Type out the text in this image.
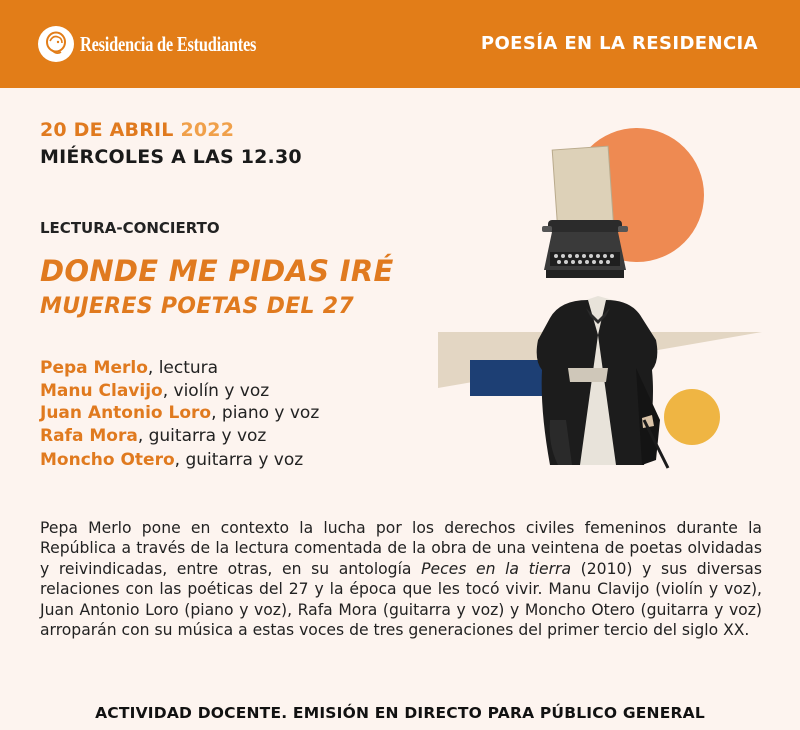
Residencia de Estudiantes	POESÍA EN LA RESIDENCIA
20 DE ABRIL 2022
MIÉRCOLES A LAS 12.30
LECTURA-CONCIERTO
DONDE ME PIDAS IRÉ
MUJERES POETAS DEL 27
Pepa Merlo, lectura
Manu Clavijo, violín y voz
Juan Antonio Loro, piano y voz
Rafa Mora, guitarra y voz
Moncho Otero, guitarra y voz
Pepa Merlo pone en contexto la lucha por los derechos civiles femeninos durante la República a través de la lectura comentada de la obra de una veintena de poetas olvidadas y reivindicadas, entre otras, en su antología Peces en la tierra (2010) y sus diversas relaciones con las poéticas del 27 y la época que les tocó vivir. Manu Clavijo (violín y voz), Juan Antonio Loro (piano y voz), Rafa Mora (guitarra y voz) y Moncho Otero (guitarra y voz) arroparán con su música a estas voces de tres generaciones del primer tercio del siglo XX.
ACTIVIDAD DOCENTE. EMISIÓN EN DIRECTO PARA PÚBLICO GENERAL
